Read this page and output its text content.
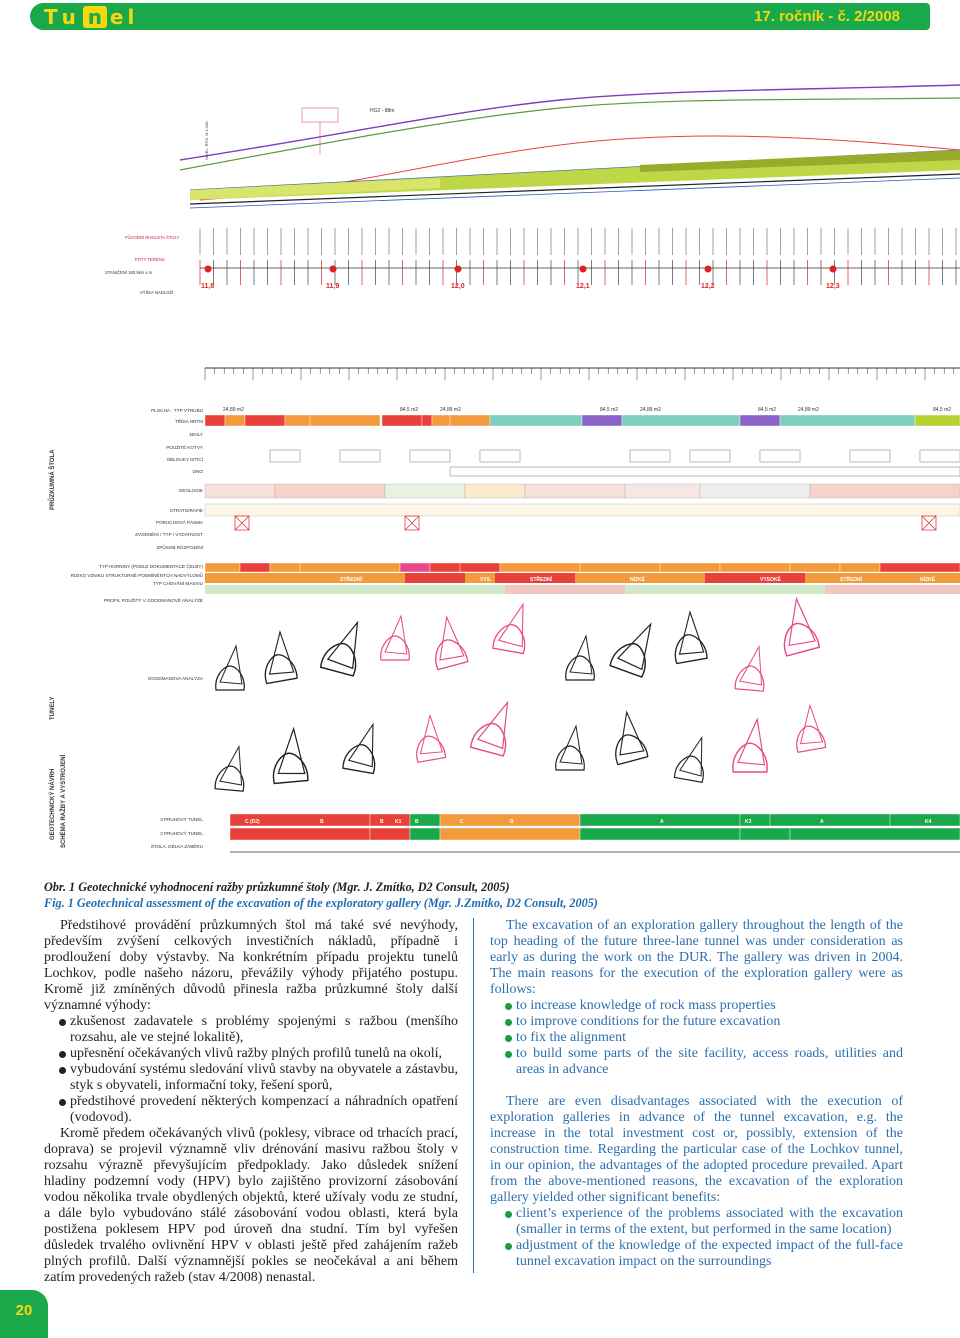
T u n e l	17. ročník - č. 2/2008
HG2 - 88m
NIVEL. RYS. M 1:100
PŮVODNÍ NIVELETA ŠTOLY
POTY TERÉNU
STANIČENÍ 160.5km x m
VÝŠKA NADLOŽÍ
11,8	11,9	12,0	12,1	12,2	12,3
PLOCHA - TYP VÝRUBU
TŘÍDA NRTM
JEHLY
POUŽITÉ KOTVY
OBLOUKY ISTÍCÍ
ONO
GEOLOGIE
STRATIGRAFIE
PORUCHOVÁ PÁSMA
ZVODNĚNÍ / TYP / VYDATNOST
ZPŮSOB ROZPOJENÍ
TYP HORNINY (PODLE DOKUMENTACE ČELBY)
RIZIKO VZNIKU STRUKTURNĚ PODMÍNĚNÝCH NADVÝLOMŮ
TYP CHOVÁNÍ MASIVU
PROFIL POUŽITÝ V GOODMANOVĚ ANALÝZE
GOODMANOVA ANALÝZA
3 PRUHOVÝ TUNEL
2 PRUHOVÝ TUNEL
ŠTOLA, DÉLKA ZÁBĚRU
PRŮZKUMNÁ ŠTOLA
TUNELY
GEOTECHNICKÝ NÁVRH SCHÉMA RAŽBY A VYSTROJENÍ
24,89 m2	84,5 m2	24,89 m2	84,5 m2	24,89 m2	84,5 m2	24,89 m2	84,5 m2
STŘEDNÍ	VYS.	STŘEDNÍ	NÍZKÉ	VYSOKÉ	STŘEDNÍ	NÍZKÉ
C (D2)	B	B K1	B	C	B	A	K3	A	K4
Obr. 1 Geotechnické vyhodnocení ražby průzkumné štoly (Mgr. J. Zmítko, D2 Consult, 2005)
Fig. 1 Geotechnical assessment of the excavation of the exploratory gallery (Mgr. J.Zmítko, D2 Consult, 2005)

Předstihové provádění průzkumných štol má také své nevýhody, především zvýšení celkových investičních nákladů, případně i prodloužení doby výstavby. Na konkrétním případu projektu tunelů Lochkov, podle našeho názoru, převážily výhody přijatého postupu. Kromě již zmíněných důvodů přinesla ražba průzkumné štoly další významné výhody:

zkušenost zadavatele s problémy spojenými s ražbou (menšího rozsahu, ale ve stejné lokalitě),

upřesnění očekávaných vlivů ražby plných profilů tunelů na okolí,

vybudování systému sledování vlivů stavby na obyvatele a zástavbu, styk s obyvateli, informační toky, řešení sporů,

předstihové provedení některých kompenzací a náhradních opatření (vodovod).

Kromě předem očekávaných vlivů (poklesy, vibrace od trhacích prací, doprava) se projevil významně vliv drénování masivu ražbou štoly v rozsahu výrazně převyšujícím předpoklady. Jako důsledek snížení hladiny podzemní vody (HPV) bylo zajištěno provizorní zásobování vodou několika trvale obydlených objektů, které užívaly vodu ze studní, a dále bylo vybudováno stálé zásobování vodou oblasti, která byla postižena poklesem HPV pod úroveň dna studní. Tím byl vyřešen důsledek trvalého ovlivnění HPV v oblasti ještě před zahájením ražeb plných profilů. Další významnější pokles se neočekával a ani během zatím provedených ražeb (stav 4/2008) nenastal.

The excavation of an exploration gallery throughout the length of the top heading of the future three-lane tunnel was under consideration as early as during the work on the DUR. The gallery was driven in 2004. The main reasons for the execution of the exploration gallery were as follows:

to increase knowledge of rock mass properties

to improve conditions for the future excavation

to fix the alignment

to build some parts of the site facility, access roads, utilities and areas in advance

There are even disadvantages associated with the execution of exploration galleries in advance of the tunnel excavation, e.g. the increase in the total investment cost or, possibly, extension of the construction time. Regarding the particular case of the Lochkov tunnel, in our opinion, the advantages of the adopted procedure prevailed. Apart from the above-mentioned reasons, the excavation of the exploration gallery yielded other significant benefits:

client’s experience of the problems associated with the excavation (smaller in terms of the extent, but performed in the same location)

adjustment of the knowledge of the expected impact of the full-face tunnel excavation impact on the surroundings

20
